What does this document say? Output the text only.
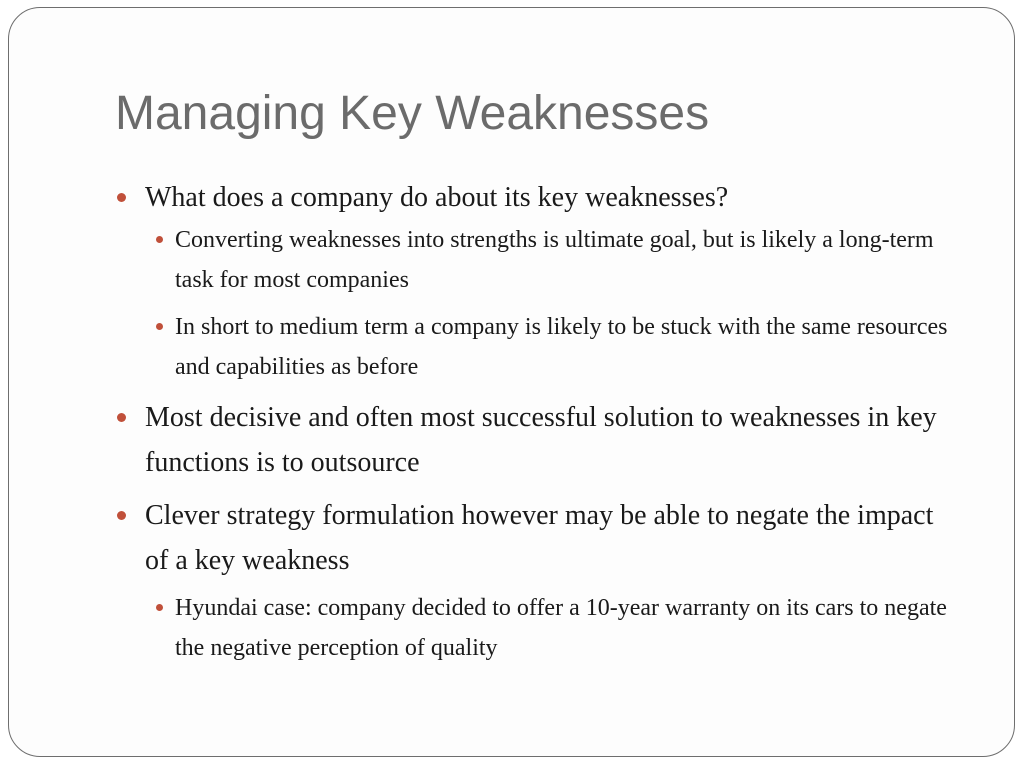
Managing Key Weaknesses
What does a company do about its key weaknesses?
Converting weaknesses into strengths is ultimate goal, but is likely a long-term task for most companies
In short to medium term a company is likely to be stuck with the same resources and capabilities as before
Most decisive and often most successful solution to weaknesses in key functions is to outsource
Clever strategy formulation however may be able to negate the impact of a key weakness
Hyundai case: company decided to offer a 10-year warranty on its cars to negate the negative perception of quality
